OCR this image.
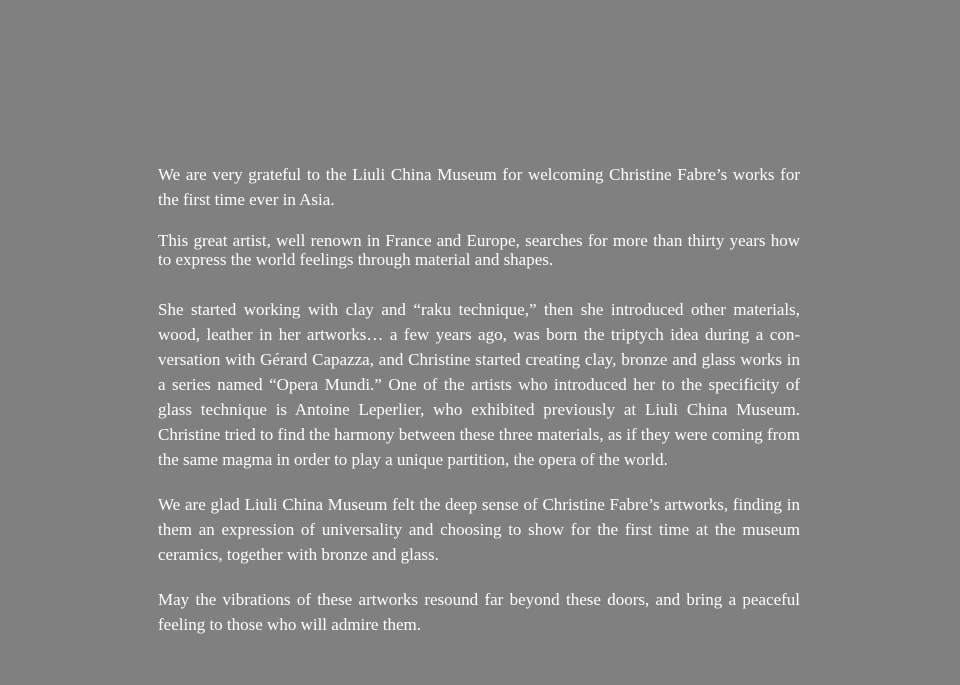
We are very grateful to the Liuli China Museum for welcoming Christine Fabre’s works for the first time ever in Asia.

This great artist, well renown in France and Europe, searches for more than thirty years how to express the world feelings through material and shapes.

She started working with clay and “raku technique,” then she introduced other materials, wood, leather in her artworks… a few years ago, was born the triptych idea during a conversation with Gérard Capazza, and Christine started creating clay, bronze and glass works in a series named “Opera Mundi.” One of the artists who introduced her to the specificity of glass technique is Antoine Leperlier, who exhibited previously at Liuli China Museum. Christine tried to find the harmony between these three materials, as if they were coming from the same magma in order to play a unique partition, the opera of the world.

We are glad Liuli China Museum felt the deep sense of Christine Fabre’s artworks, finding in them an expression of universality and choosing to show for the first time at the museum ceramics, together with bronze and glass.

May the vibrations of these artworks resound far beyond these doors, and bring a peaceful feeling to those who will admire them.
